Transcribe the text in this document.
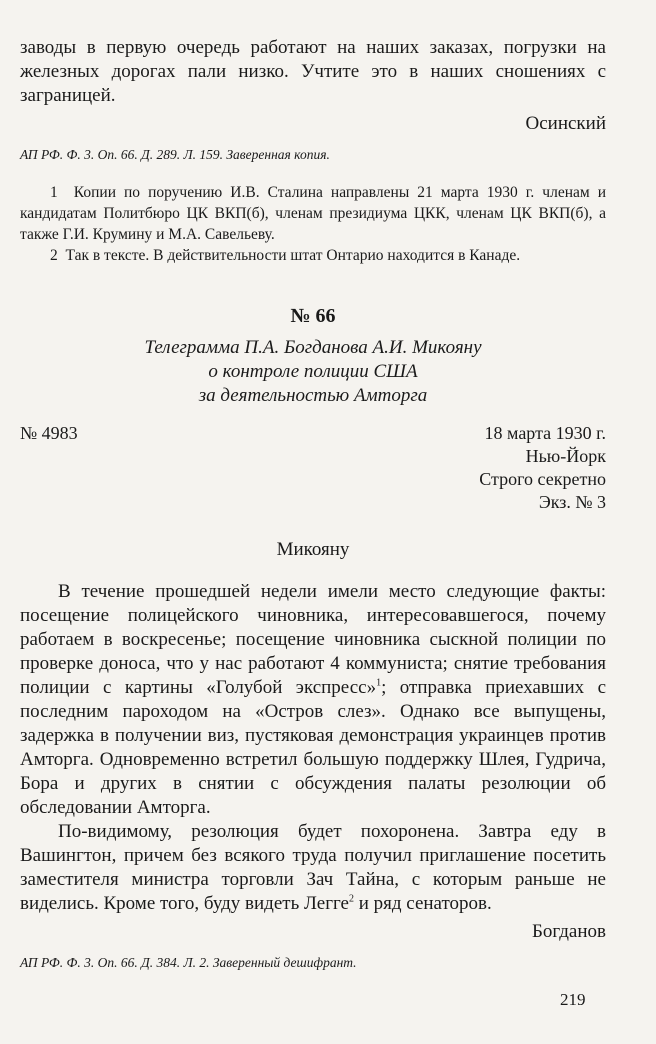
заводы в первую очередь работают на наших заказах, погрузки на железных дорогах пали низко. Учтите это в наших сношениях с заграницей.

Осинский

АП РФ. Ф. 3. Оп. 66. Д. 289. Л. 159. Заверенная копия.

1 Копии по поручению И.В. Сталина направлены 21 марта 1930 г. членам и кандидатам Политбюро ЦК ВКП(б), членам президиума ЦКК, членам ЦК ВКП(б), а также Г.И. Крумину и М.А. Савельеву.

2 Так в тексте. В действительности штат Онтарио находится в Канаде.

№ 66

Телеграмма П.А. Богданова А.И. Микояну

о контроле полиции США

за деятельностью Амторга

№ 4983	18 марта 1930 г.
Нью-Йорк
Строго секретно
Экз. № 3

Микояну

В течение прошедшей недели имели место следующие факты: посещение полицейского чиновника, интересовавшегося, почему работаем в воскресенье; посещение чиновника сыскной полиции по проверке доноса, что у нас работают 4 коммуниста; снятие требования полиции с картины «Голубой экспресс»$^1$; отправка приехавших с последним пароходом на «Остров слез». Однако все выпущены, задержка в получении виз, пустяковая демонстрация украинцев против Амторга. Одновременно встретил большую поддержку Шлея, Гудрича, Бора и других в снятии с обсуждения палаты резолюции об обследовании Амторга.

По-видимому, резолюция будет похоронена. Завтра еду в Вашингтон, причем без всякого труда получил приглашение посетить заместителя министра торговли Зач Тайна, с которым раньше не виделись. Кроме того, буду видеть Легге$^2$ и ряд сенаторов.

Богданов

АП РФ. Ф. 3. Оп. 66. Д. 384. Л. 2. Заверенный дешифрант.

219
